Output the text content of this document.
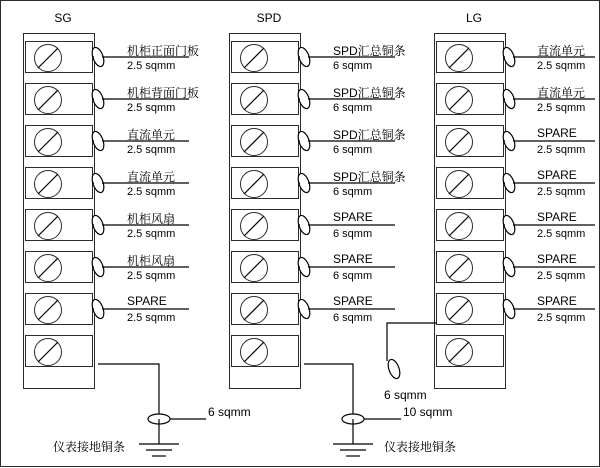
SG	SPD	LG
机柜正面门板
2.5 sqmm
机柜背面门板
2.5 sqmm
直流单元
2.5 sqmm
直流单元
2.5 sqmm
机柜风扇
2.5 sqmm
机柜风扇
2.5 sqmm
SPARE
2.5 sqmm
SPD汇总铜条
6 sqmm
SPD汇总铜条
6 sqmm
SPD汇总铜条
6 sqmm
SPD汇总铜条
6 sqmm
SPARE
6 sqmm
SPARE
6 sqmm
SPARE
6 sqmm
直流单元
2.5 sqmm
直流单元
2.5 sqmm
SPARE
2.5 sqmm
SPARE
2.5 sqmm
SPARE
2.5 sqmm
SPARE
2.5 sqmm
SPARE
2.5 sqmm
6 sqmm
仪表接地铜条
10 sqmm
仪表接地铜条
6 sqmm
